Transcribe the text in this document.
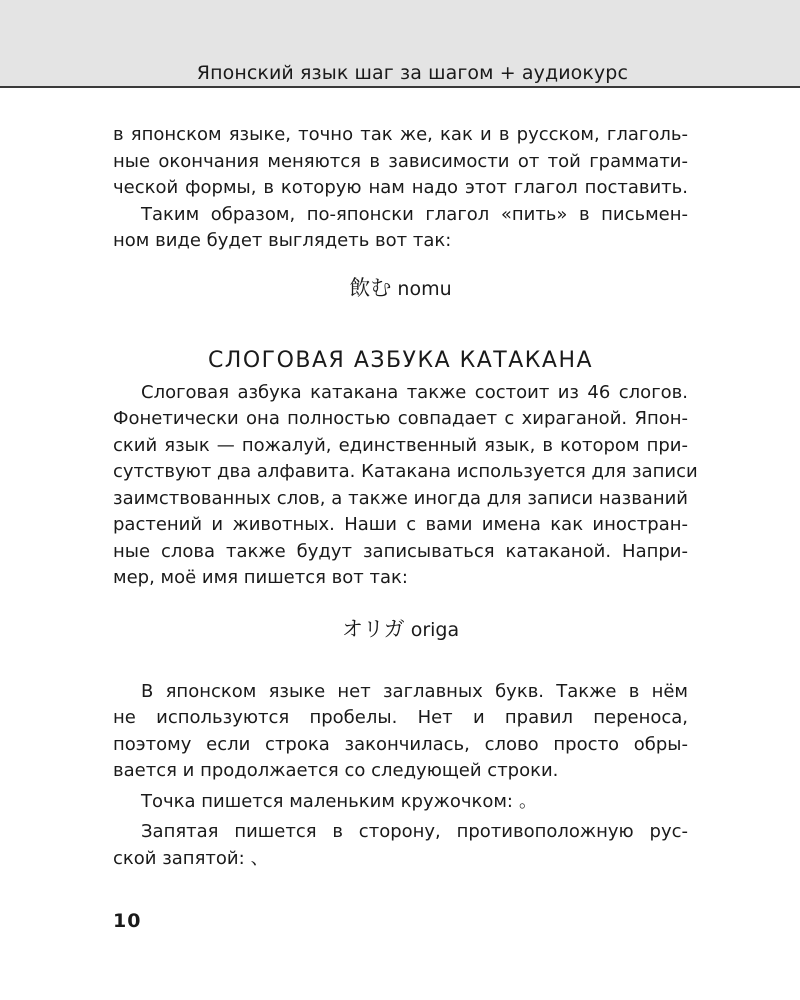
Японский язык шаг за шагом + аудиокурс
в японском языке, точно так же, как и в русском, глаголь-
ные окончания меняются в зависимости от той граммати-
ческой формы, в которую нам надо этот глагол поставить.
Таким образом, по-японски глагол «пить» в письмен-
ном виде будет выглядеть вот так:
飲む nomu
СЛОГОВАЯ АЗБУКА КАТАКАНА
Слоговая азбука катакана также состоит из 46 слогов.
Фонетически она полностью совпадает с хираганой. Япон-
ский язык — пожалуй, единственный язык, в котором при-
сутствуют два алфавита. Катакана используется для записи
заимствованных слов, а также иногда для записи названий
растений и животных. Наши с вами имена как иностран-
ные слова также будут записываться катаканой. Напри-
мер, моё имя пишется вот так:
オリガ origa
В японском языке нет заглавных букв. Также в нём
не используются пробелы. Нет и правил переноса,
поэтому если строка закончилась, слово просто обры-
вается и продолжается со следующей строки.
Точка пишется маленьким кружочком: 。
Запятая пишется в сторону, противоположную рус-
ской запятой: 、
10
